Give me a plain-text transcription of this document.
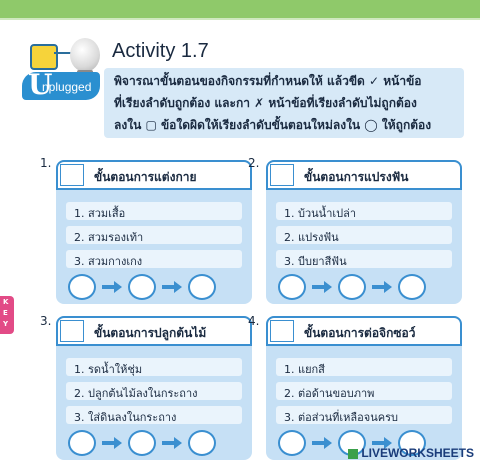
U
nplugged
Activity 1.7
พิจารณาขั้นตอนของกิจกรรมที่กำหนดให้ แล้วขีด ✓ หน้าข้อ
ที่เรียงลำดับถูกต้อง และกา ✗ หน้าข้อที่เรียงลำดับไม่ถูกต้อง
ลงใน ▢ ข้อใดผิดให้เรียงลำดับขั้นตอนใหม่ลงใน ◯ ให้ถูกต้อง
1.
ขั้นตอนการแต่งกาย
1. สวมเสื้อ
2. สวมรองเท้า
3. สวมกางเกง
2.
ขั้นตอนการแปรงฟัน
1. บ้วนน้ำเปล่า
2. แปรงฟัน
3. บีบยาสีฟัน
3.
ขั้นตอนการปลูกต้นไม้
1. รดน้ำให้ชุ่ม
2. ปลูกต้นไม้ลงในกระถาง
3. ใส่ดินลงในกระถาง
4.
ขั้นตอนการต่อจิกซอว์
1. แยกสี
2. ต่อด้านขอบภาพ
3. ต่อส่วนที่เหลือจนครบ
K
E
Y
LIVEWORKSHEETS
